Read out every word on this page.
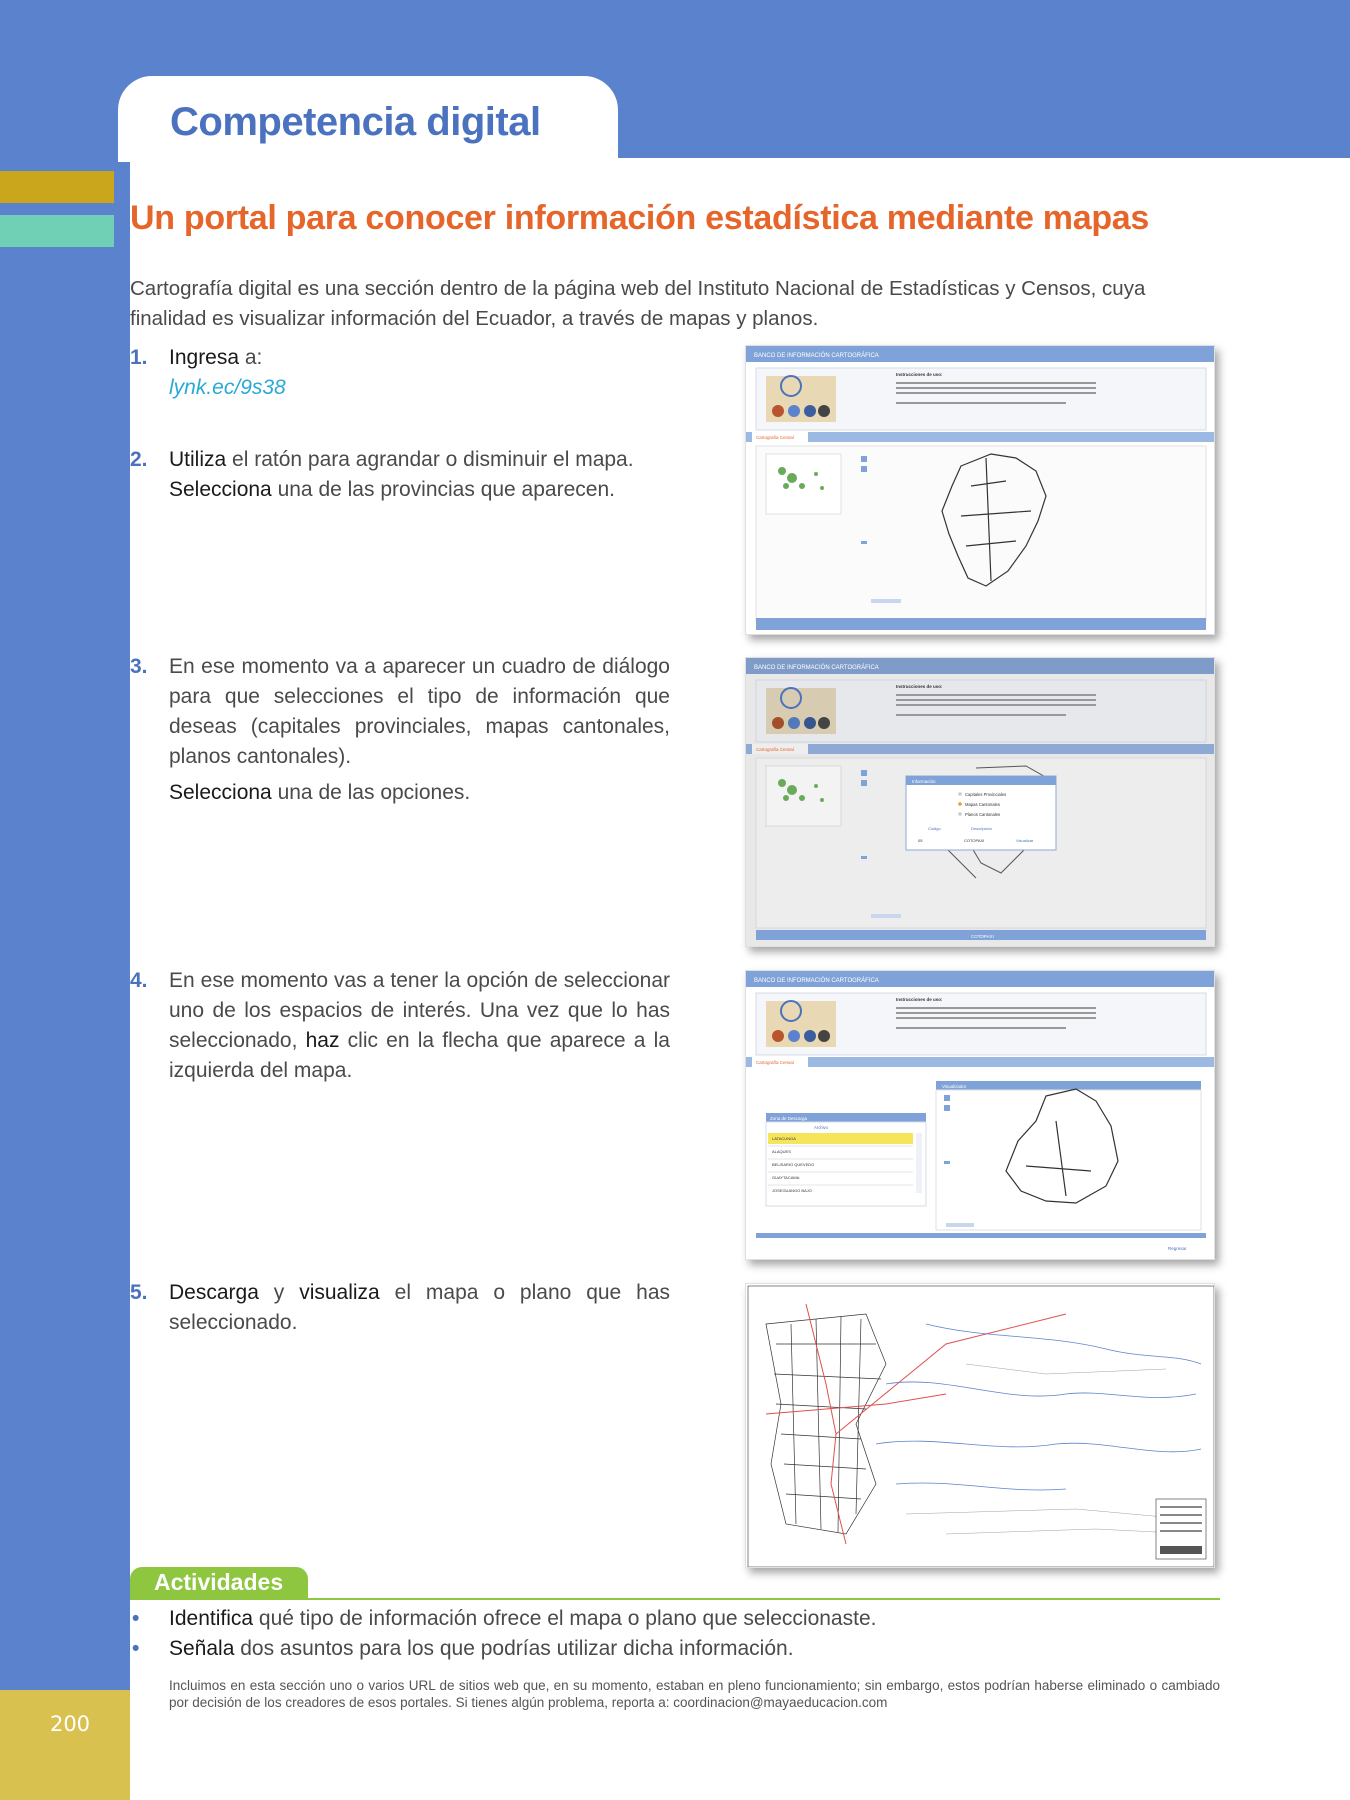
200
Competencia digital
Un portal para conocer información estadística mediante mapas

Cartografía digital es una sección dentro de la página web del Instituto Nacional de Estadísticas y Censos, cuya finalidad es visualizar información del Ecuador, a través de mapas y planos.

1.	Ingresa a:
lynk.ec/9s38
2.	Utiliza el ratón para agrandar o disminuir el mapa.
Selecciona una de las provincias que aparecen.
3.	En ese momento va a aparecer un cuadro de diálogo para que selecciones el tipo de información que deseas (capitales provinciales, mapas cantonales, planos cantonales).

Selecciona una de las opciones.

4.	En ese momento vas a tener la opción de seleccionar uno de los espacios de interés. Una vez que lo has seleccionado, haz clic en la flecha que aparece a la izquierda del mapa.
5.	Descarga y visualiza el mapa o plano que has seleccionado.
BANCO DE INFORMACIÓN CARTOGRÁFICA
Instrucciones de uso:
Cartografía Censal
BANCO DE INFORMACIÓN CARTOGRÁFICA
Instrucciones de uso:
Cartografía Censal
Información
Capitales Provinciales
Mapas Cantonales
Planos Cantonales
Código	Descripción
05	COTOPAXI	Visualizar
COTOPAXI
BANCO DE INFORMACIÓN CARTOGRÁFICA
Instrucciones de uso:
Cartografía Censal
Zona de Descarga
Archivo
LATACUNGA
ALAQUES
BELISARIO QUEVEDO
GUAYTACAMA
JOSEGUANGO BAJO
Visualizador
Regresar
Actividades
• Identifica qué tipo de información ofrece el mapa o plano que seleccionaste.
• Señala dos asuntos para los que podrías utilizar dicha información.

Incluimos en esta sección uno o varios URL de sitios web que, en su momento, estaban en pleno funcionamiento; sin embargo, estos podrían haberse eliminado o cambiado por decisión de los creadores de esos portales. Si tienes algún problema, reporta a: coordinacion@mayaeducacion.com
